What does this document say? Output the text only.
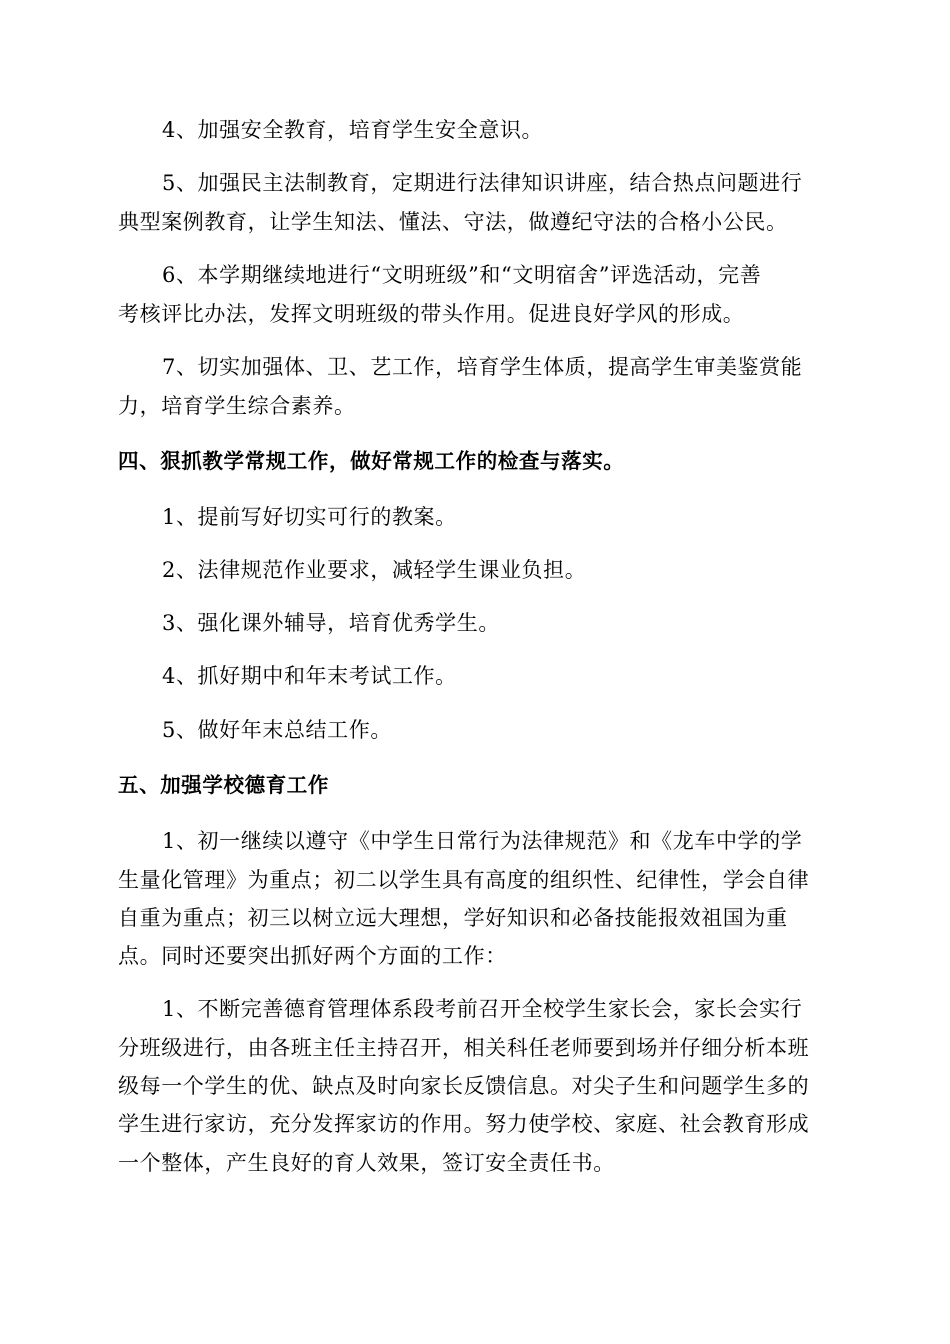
4、加强安全教育，培育学生安全意识。
5、加强民主法制教育，定期进行法律知识讲座，结合热点问题进行
典型案例教育，让学生知法、懂法、守法，做遵纪守法的合格小公民。
6、本学期继续地进行“文明班级”和“文明宿舍”评选活动，完善
考核评比办法，发挥文明班级的带头作用。促进良好学风的形成。
7、切实加强体、卫、艺工作，培育学生体质，提高学生审美鉴赏能
力，培育学生综合素养。
四、狠抓教学常规工作，做好常规工作的检查与落实。
1、提前写好切实可行的教案。
2、法律规范作业要求，减轻学生课业负担。
3、强化课外辅导，培育优秀学生。
4、抓好期中和年末考试工作。
5、做好年末总结工作。
五、加强学校德育工作
1、初一继续以遵守《中学生日常行为法律规范》和《龙车中学的学
生量化管理》为重点；初二以学生具有高度的组织性、纪律性，学会自律
自重为重点；初三以树立远大理想，学好知识和必备技能报效祖国为重
点。同时还要突出抓好两个方面的工作：
1、不断完善德育管理体系段考前召开全校学生家长会，家长会实行
分班级进行，由各班主任主持召开，相关科任老师要到场并仔细分析本班
级每一个学生的优、缺点及时向家长反馈信息。对尖子生和问题学生多的
学生进行家访，充分发挥家访的作用。努力使学校、家庭、社会教育形成
一个整体，产生良好的育人效果，签订安全责任书。
